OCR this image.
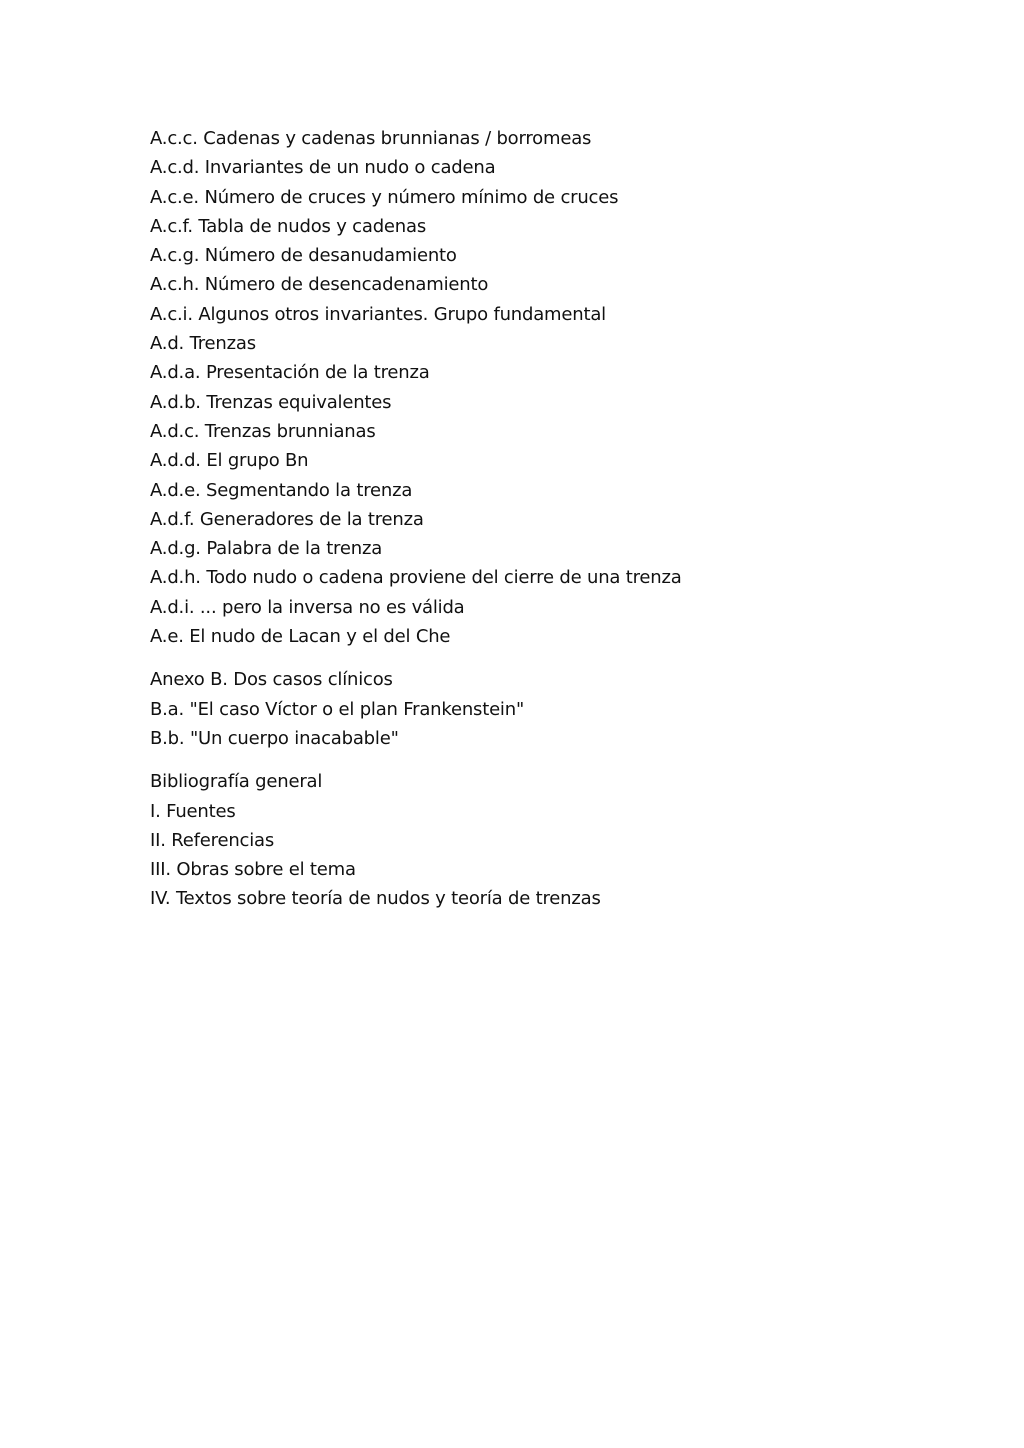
A.c.c. Cadenas y cadenas brunnianas / borromeas
A.c.d. Invariantes de un nudo o cadena
A.c.e. Número de cruces y número mínimo de cruces
A.c.f. Tabla de nudos y cadenas
A.c.g. Número de desanudamiento
A.c.h. Número de desencadenamiento
A.c.i. Algunos otros invariantes. Grupo fundamental
A.d. Trenzas
A.d.a. Presentación de la trenza
A.d.b. Trenzas equivalentes
A.d.c. Trenzas brunnianas
A.d.d. El grupo Bn
A.d.e. Segmentando la trenza
A.d.f. Generadores de la trenza
A.d.g. Palabra de la trenza
A.d.h. Todo nudo o cadena proviene del cierre de una trenza
A.d.i. ... pero la inversa no es válida
A.e. El nudo de Lacan y el del Che
Anexo B. Dos casos clínicos
B.a. "El caso Víctor o el plan Frankenstein"
B.b. "Un cuerpo inacabable"
Bibliografía general
I. Fuentes
II. Referencias
III. Obras sobre el tema
IV. Textos sobre teoría de nudos y teoría de trenzas
